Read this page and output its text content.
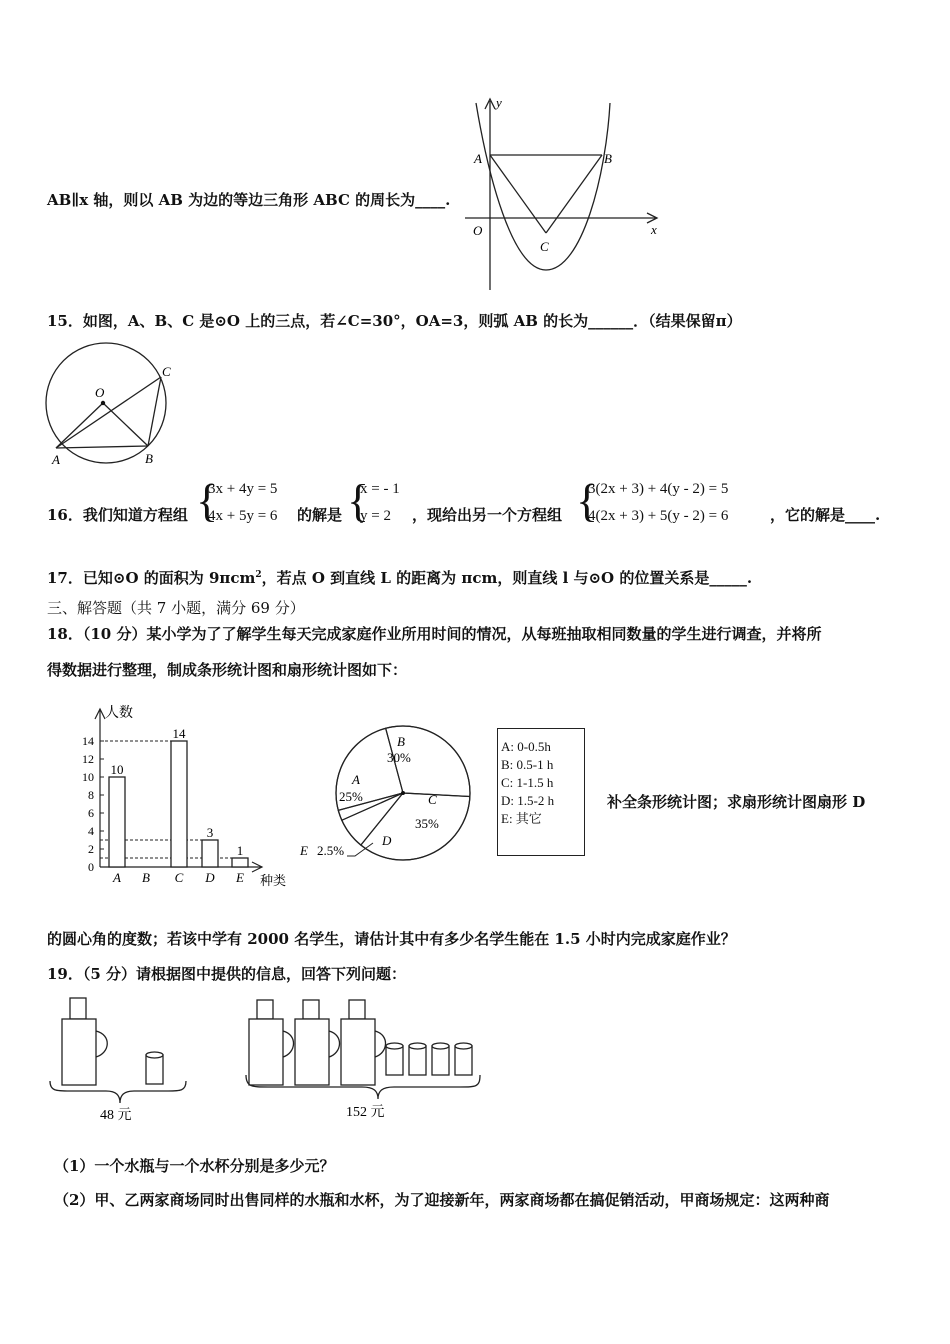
AB∥x 轴，则以 AB 为边的等边三角形 ABC 的周长为____.
y
x
O
A	B
C
15．如图，A、B、C 是⊙O 上的三点，若∠C=30°，OA=3，则弧 AB 的长为______．（结果保留π）
O
A	B
C
16．我们知道方程组 {
3x + 4y = 5
4x + 5y = 6 的解是 {
x = - 1
y = 2 ，现给出另一个方程组 {
3(2x + 3) + 4(y - 2) = 5
4(2x + 3) + 5(y - 2) = 6	，它的解是____.
17．已知⊙O 的面积为 9πcm$^2$，若点 O 到直线 L 的距离为 πcm，则直线 l 与⊙O 的位置关系是_____.
三、解答题（共 7 小题，满分 69 分）
18．（10 分）某小学为了了解学生每天完成家庭作业所用时间的情况，从每班抽取相同数量的学生进行调查，并将所
得数据进行整理，制成条形统计图和扇形统计图如下：
0
2
4
6
8
10
12
14
10
14
3
1
A B C D E
人数
种类
B
30%
A
25%	C
35%
D
E 2.5%
A: 0-0.5h
B: 0.5-1 h
C: 1-1.5 h
D: 1.5-2 h
E: 其它
补全条形统计图；求扇形统计图扇形 D
的圆心角的度数；若该中学有 2000 名学生，请估计其中有多少名学生能在 1.5 小时内完成家庭作业？
19．（5 分）请根据图中提供的信息，回答下列问题：
48 元	152 元
（1）一个水瓶与一个水杯分别是多少元？
（2）甲、乙两家商场同时出售同样的水瓶和水杯，为了迎接新年，两家商场都在搞促销活动，甲商场规定：这两种商
